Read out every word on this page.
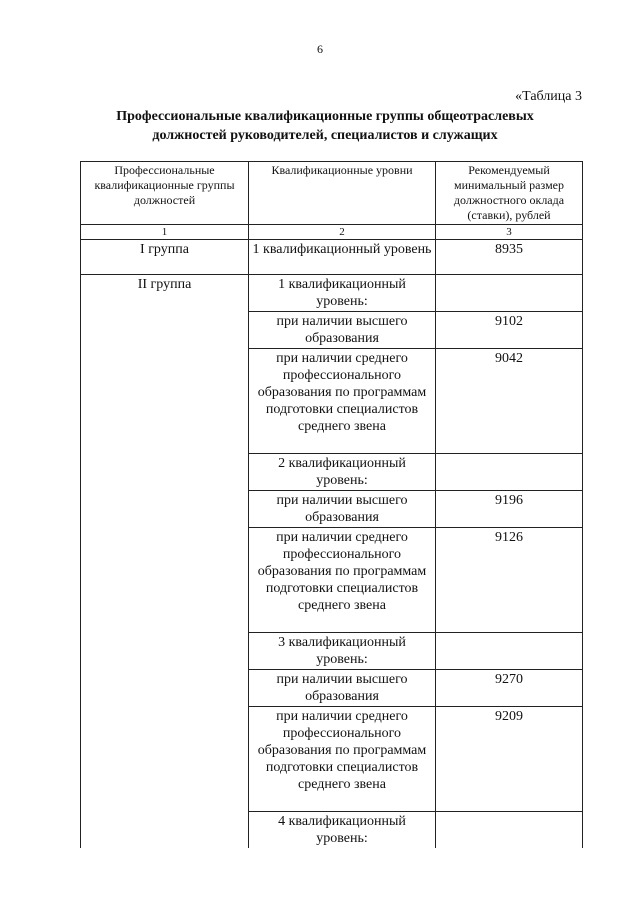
6
«Таблица 3
Профессиональные квалификационные группы общеотраслевых
должностей руководителей, специалистов и служащих
Профессиональные квалификационные группы должностей	Квалификационные уровни	Рекомендуемый минимальный размер должностного оклада (ставки), рублей
1	2	3
I группа	1 квалификационный уровень	8935
II группа	1 квалификационный уровень:	
	при наличии высшего образования	9102
	при наличии среднего профессионального образования по программам подготовки специалистов среднего звена	9042
	2 квалификационный уровень:	
	при наличии высшего образования	9196
	при наличии среднего профессионального образования по программам подготовки специалистов среднего звена	9126
	3 квалификационный уровень:	
	при наличии высшего образования	9270
	при наличии среднего профессионального образования по программам подготовки специалистов среднего звена	9209
	4 квалификационный уровень:	
